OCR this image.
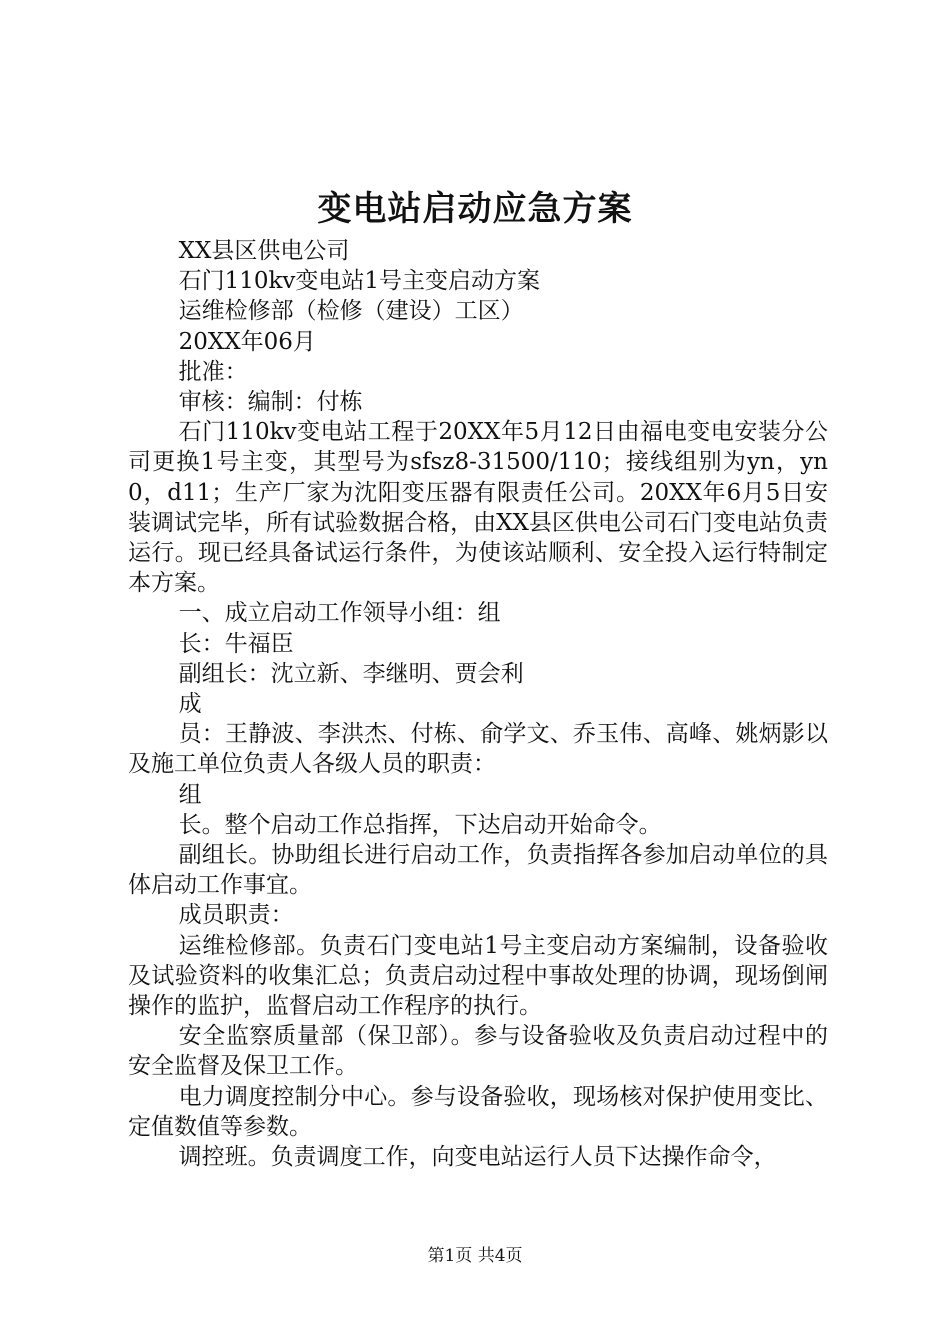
变电站启动应急方案

XX县区供电公司

石门110kv变电站1号主变启动方案

运维检修部（检修（建设）工区）

20XX年06月

批准：

审核：编制：付栋

石门110kv变电站工程于20XX年5月12日由福电变电安装分公司更换1号主变，其型号为sfsz8-31500/110；接线组别为yn，yn0，d11；生产厂家为沈阳变压器有限责任公司。20XX年6月5日安装调试完毕，所有试验数据合格，由XX县区供电公司石门变电站负责运行。现已经具备试运行条件，为使该站顺利、安全投入运行特制定本方案。

一、成立启动工作领导小组：组

长：牛福臣

副组长：沈立新、李继明、贾会利

成

员：王静波、李洪杰、付栋、俞学文、乔玉伟、高峰、姚炳影以及施工单位负责人各级人员的职责：

组

长。整个启动工作总指挥，下达启动开始命令。

副组长。协助组长进行启动工作，负责指挥各参加启动单位的具体启动工作事宜。

成员职责：

运维检修部。负责石门变电站1号主变启动方案编制，设备验收及试验资料的收集汇总；负责启动过程中事故处理的协调，现场倒闸操作的监护，监督启动工作程序的执行。

安全监察质量部（保卫部）。参与设备验收及负责启动过程中的安全监督及保卫工作。

电力调度控制分中心。参与设备验收，现场核对保护使用变比、定值数值等参数。

调控班。负责调度工作，向变电站运行人员下达操作命令，

第1页 共4页
